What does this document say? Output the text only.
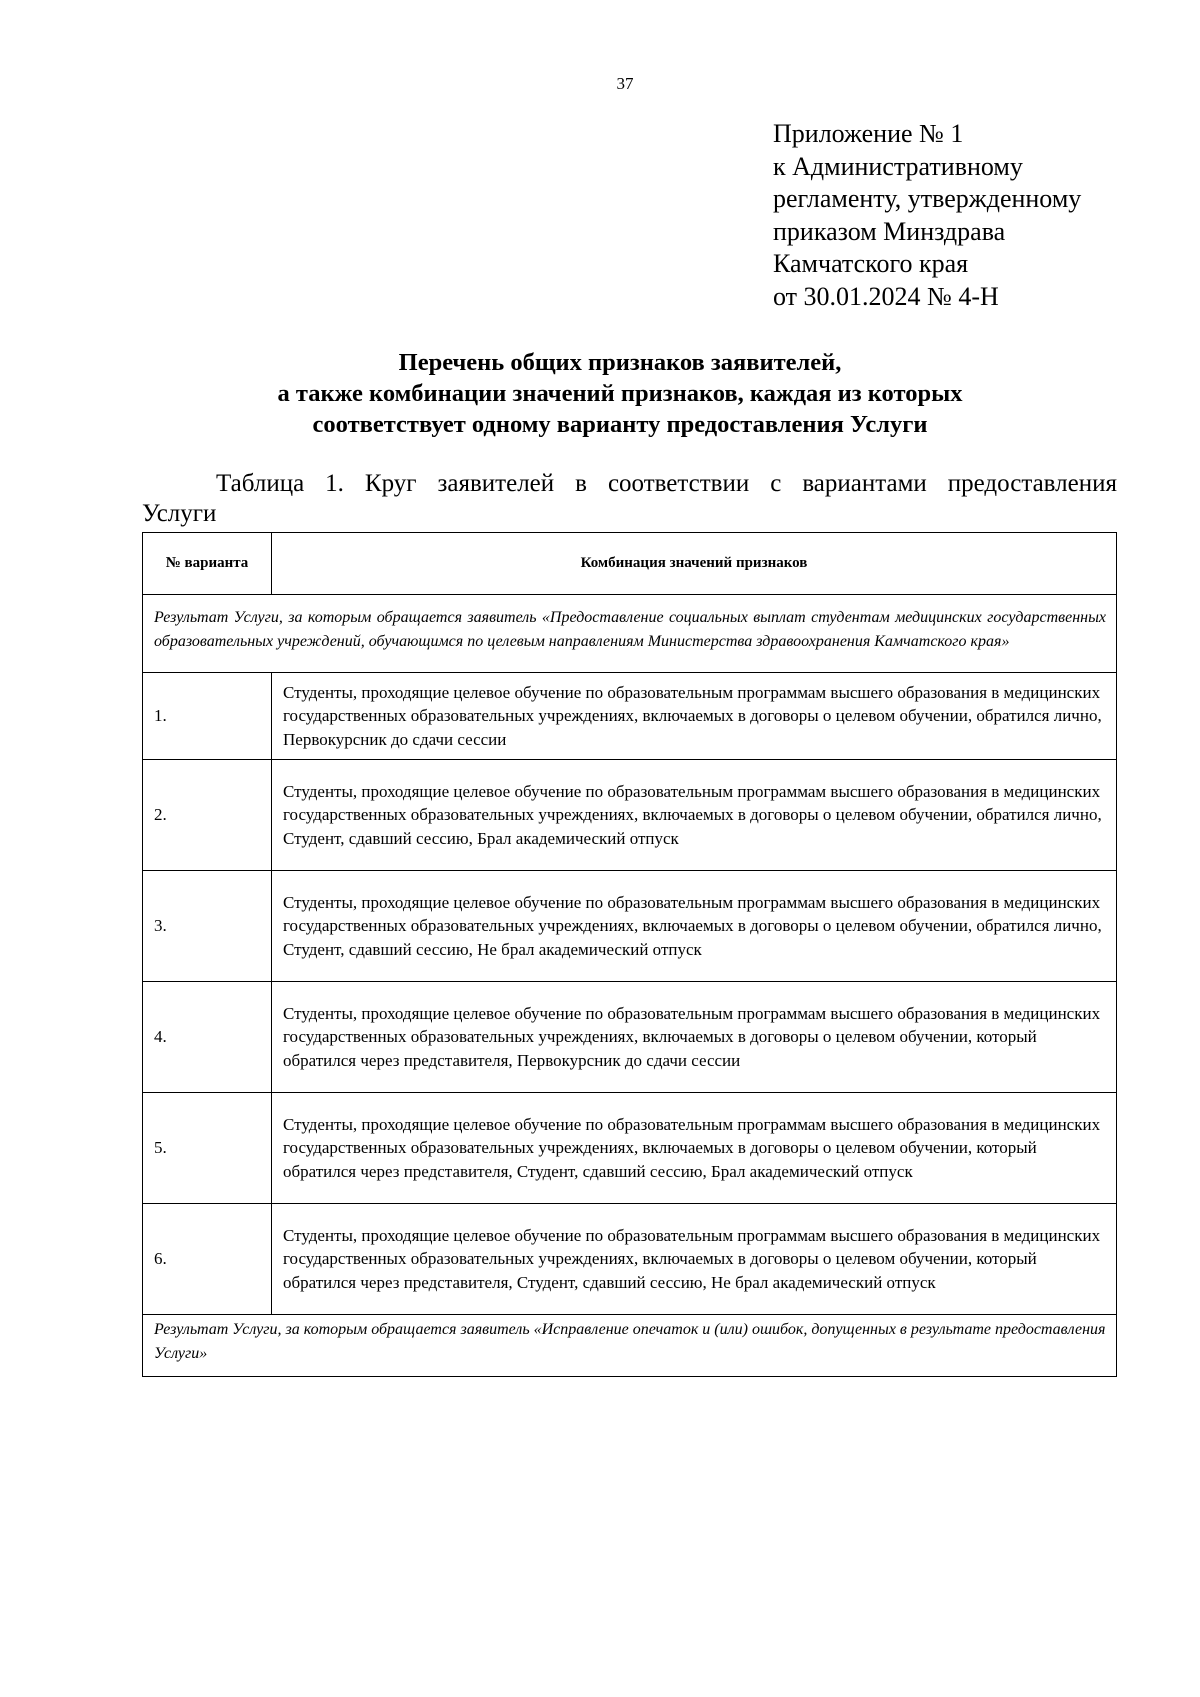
37
Приложение № 1
к Административному
регламенту, утвержденному
приказом Минздрава
Камчатского края
от 30.01.2024 № 4-Н
Перечень общих признаков заявителей,
а также комбинации значений признаков, каждая из которых
соответствует одному варианту предоставления Услуги
Таблица 1. Круг заявителей в соответствии с вариантами предоставления
Услуги
№ варианта	Комбинация значений признаков
Результат Услуги, за которым обращается заявитель «Предоставление социальных выплат студентам медицинских государственных образовательных учреждений, обучающимся по целевым направлениям Министерства здравоохранения Камчатского края»	
1.	Студенты, проходящие целевое обучение по образовательным программам высшего образования в медицинских государственных образовательных учреждениях, включаемых в договоры о целевом обучении, обратился лично, Первокурсник до сдачи сессии
2.	Студенты, проходящие целевое обучение по образовательным программам высшего образования в медицинских государственных образовательных учреждениях, включаемых в договоры о целевом обучении, обратился лично, Студент, сдавший сессию, Брал академический отпуск
3.	Студенты, проходящие целевое обучение по образовательным программам высшего образования в медицинских государственных образовательных учреждениях, включаемых в договоры о целевом обучении, обратился лично, Студент, сдавший сессию, Не брал академический отпуск
4.	Студенты, проходящие целевое обучение по образовательным программам высшего образования в медицинских государственных образовательных учреждениях, включаемых в договоры о целевом обучении, который обратился через представителя, Первокурсник до сдачи сессии
5.	Студенты, проходящие целевое обучение по образовательным программам высшего образования в медицинских государственных образовательных учреждениях, включаемых в договоры о целевом обучении, который обратился через представителя, Студент, сдавший сессию, Брал академический отпуск
6.	Студенты, проходящие целевое обучение по образовательным программам высшего образования в медицинских государственных образовательных учреждениях, включаемых в договоры о целевом обучении, который обратился через представителя, Студент, сдавший сессию, Не брал академический отпуск
Результат Услуги, за которым обращается заявитель «Исправление опечаток и (или) ошибок, допущенных в результате предоставления Услуги»	
